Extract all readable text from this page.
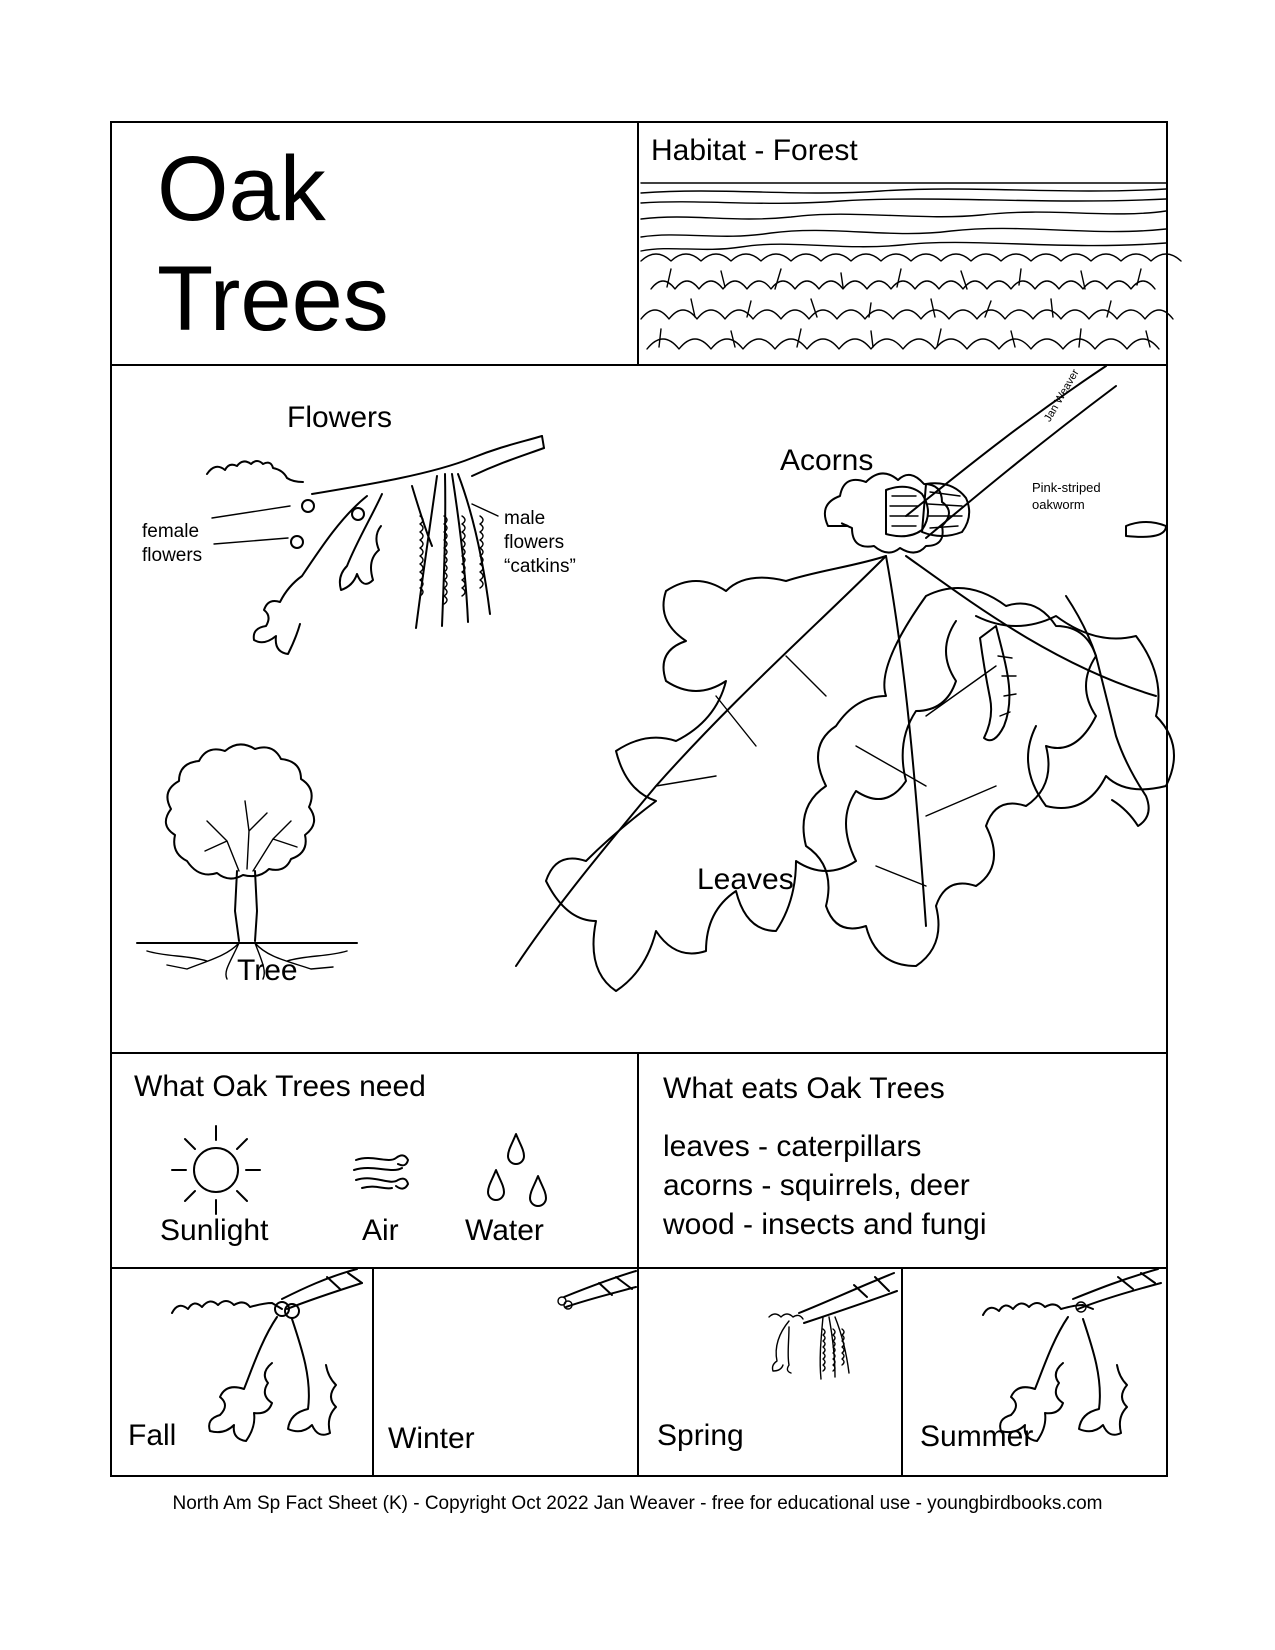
Oak
Trees
Habitat - Forest
Flowers
female
flowers
male
flowers
“catkins”
Acorns
Jan Weaver
Pink-striped
oakworm
Leaves
Tree
What Oak Trees need
Sunlight	Air Water
What eats Oak Trees
leaves - caterpillars
acorns - squirrels, deer
wood - insects and fungi
Fall	Winter	Spring	Summer
North Am Sp Fact Sheet (K) - Copyright Oct 2022 Jan Weaver - free for educational use - youngbirdbooks.com
